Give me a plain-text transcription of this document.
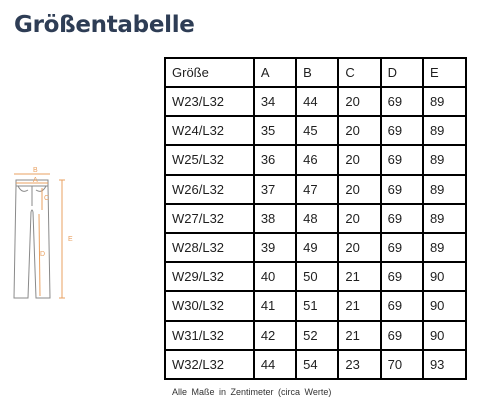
Größentabelle
B
A
C
D
E
Größe	A	B	C	D	E
W23/L32	34	44	20	69	89
W24/L32	35	45	20	69	89
W25/L32	36	46	20	69	89
W26/L32	37	47	20	69	89
W27/L32	38	48	20	69	89
W28/L32	39	49	20	69	89
W29/L32	40	50	21	69	90
W30/L32	41	51	21	69	90
W31/L32	42	52	21	69	90
W32/L32	44	54	23	70	93
Alle Maße in Zentimeter (circa Werte)
